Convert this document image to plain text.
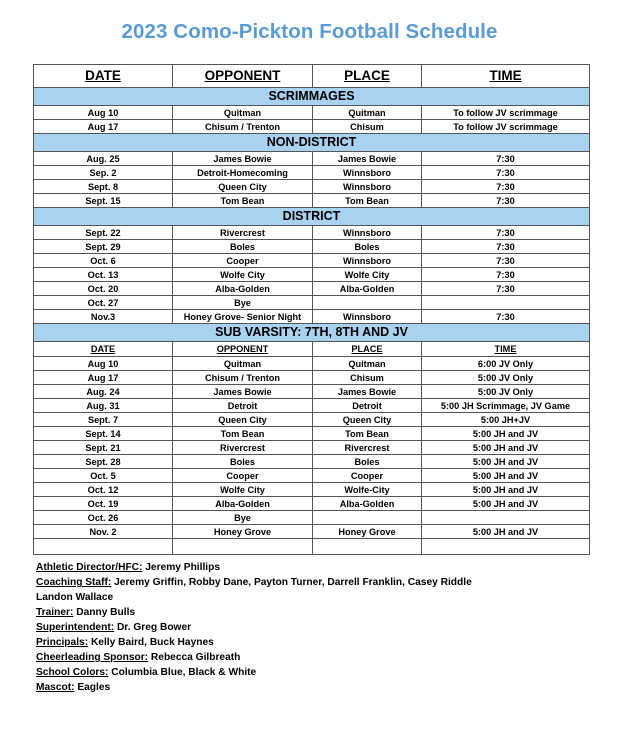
2023 Como-Pickton Football Schedule
DATE	OPPONENT	PLACE	TIME
SCRIMMAGES			
Aug 10	Quitman	Quitman	To follow JV scrimmage
Aug 17	Chisum / Trenton	Chisum	To follow JV scrimmage
NON-DISTRICT			
Aug. 25	James Bowie	James Bowie	7:30
Sep. 2	Detroit-Homecoming	Winnsboro	7:30
Sept. 8	Queen City	Winnsboro	7:30
Sept. 15	Tom Bean	Tom Bean	7:30
DISTRICT			
Sept. 22	Rivercrest	Winnsboro	7:30
Sept. 29	Boles	Boles	7:30
Oct. 6	Cooper	Winnsboro	7:30
Oct. 13	Wolfe City	Wolfe City	7:30
Oct. 20	Alba-Golden	Alba-Golden	7:30
Oct. 27	Bye		
Nov.3	Honey Grove- Senior Night	Winnsboro	7:30
SUB VARSITY: 7TH, 8TH AND JV			
DATE	OPPONENT	PLACE	TIME
Aug 10	Quitman	Quitman	6:00 JV Only
Aug 17	Chisum / Trenton	Chisum	5:00 JV Only
Aug. 24	James Bowie	James Bowie	5:00 JV Only
Aug. 31	Detroit	Detroit	5:00 JH Scrimmage, JV Game
Sept. 7	Queen City	Queen City	5:00 JH+JV
Sept. 14	Tom Bean	Tom Bean	5:00 JH and JV
Sept. 21	Rivercrest	Rivercrest	5:00 JH and JV
Sept. 28	Boles	Boles	5:00 JH and JV
Oct. 5	Cooper	Cooper	5:00 JH and JV
Oct. 12	Wolfe City	Wolfe-City	5:00 JH and JV
Oct. 19	Alba-Golden	Alba-Golden	5:00 JH and JV
Oct. 26	Bye		
Nov. 2	Honey Grove	Honey Grove	5:00 JH and JV

Athletic Director/HFC: Jeremy Phillips
Coaching Staff: Jeremy Griffin, Robby Dane, Payton Turner, Darrell Franklin, Casey Riddle
Landon Wallace
Trainer: Danny Bulls
Superintendent: Dr. Greg Bower
Principals: Kelly Baird, Buck Haynes
Cheerleading Sponsor: Rebecca Gilbreath
School Colors: Columbia Blue, Black & White
Mascot: Eagles
